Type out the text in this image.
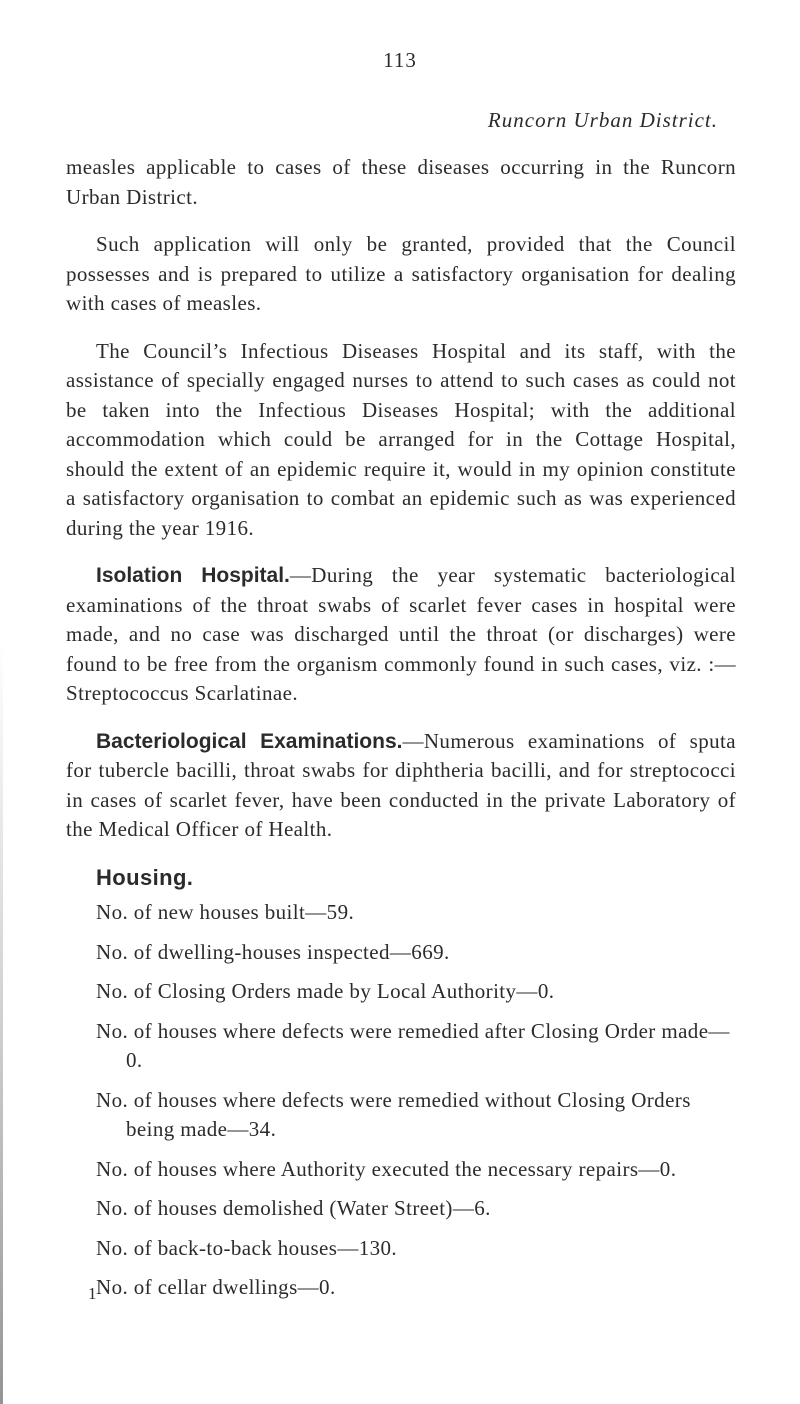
113
Runcorn Urban District.

measles applicable to cases of these diseases occurring in the Runcorn Urban District.

Such application will only be granted, provided that the Council possesses and is prepared to utilize a satisfactory organisation for dealing with cases of measles.

The Council’s Infectious Diseases Hospital and its staff, with the assistance of specially engaged nurses to attend to such cases as could not be taken into the Infectious Diseases Hospital; with the additional accommodation which could be arranged for in the Cottage Hospital, should the extent of an epidemic require it, would in my opinion constitute a satisfactory organisation to combat an epidemic such as was experienced during the year 1916.

Isolation Hospital.—During the year systematic bacteriological examinations of the throat swabs of scarlet fever cases in hospital were made, and no case was discharged until the throat (or discharges) were found to be free from the organism commonly found in such cases, viz. :—Streptococcus Scarlatinae.

Bacteriological Examinations.—Numerous examinations of sputa for tubercle bacilli, throat swabs for diphtheria bacilli, and for streptococci in cases of scarlet fever, have been conducted in the private Laboratory of the Medical Officer of Health.

Housing.
No. of new houses built—59.
No. of dwelling-houses inspected—669.
No. of Closing Orders made by Local Authority—0.
No. of houses where defects were remedied after Closing Order made—0.
No. of houses where defects were remedied without Closing Orders being made—34.
No. of houses where Authority executed the necessary repairs—0.
No. of houses demolished (Water Street)—6.
No. of back-to-back houses—130.
No. of cellar dwellings—0.
1
